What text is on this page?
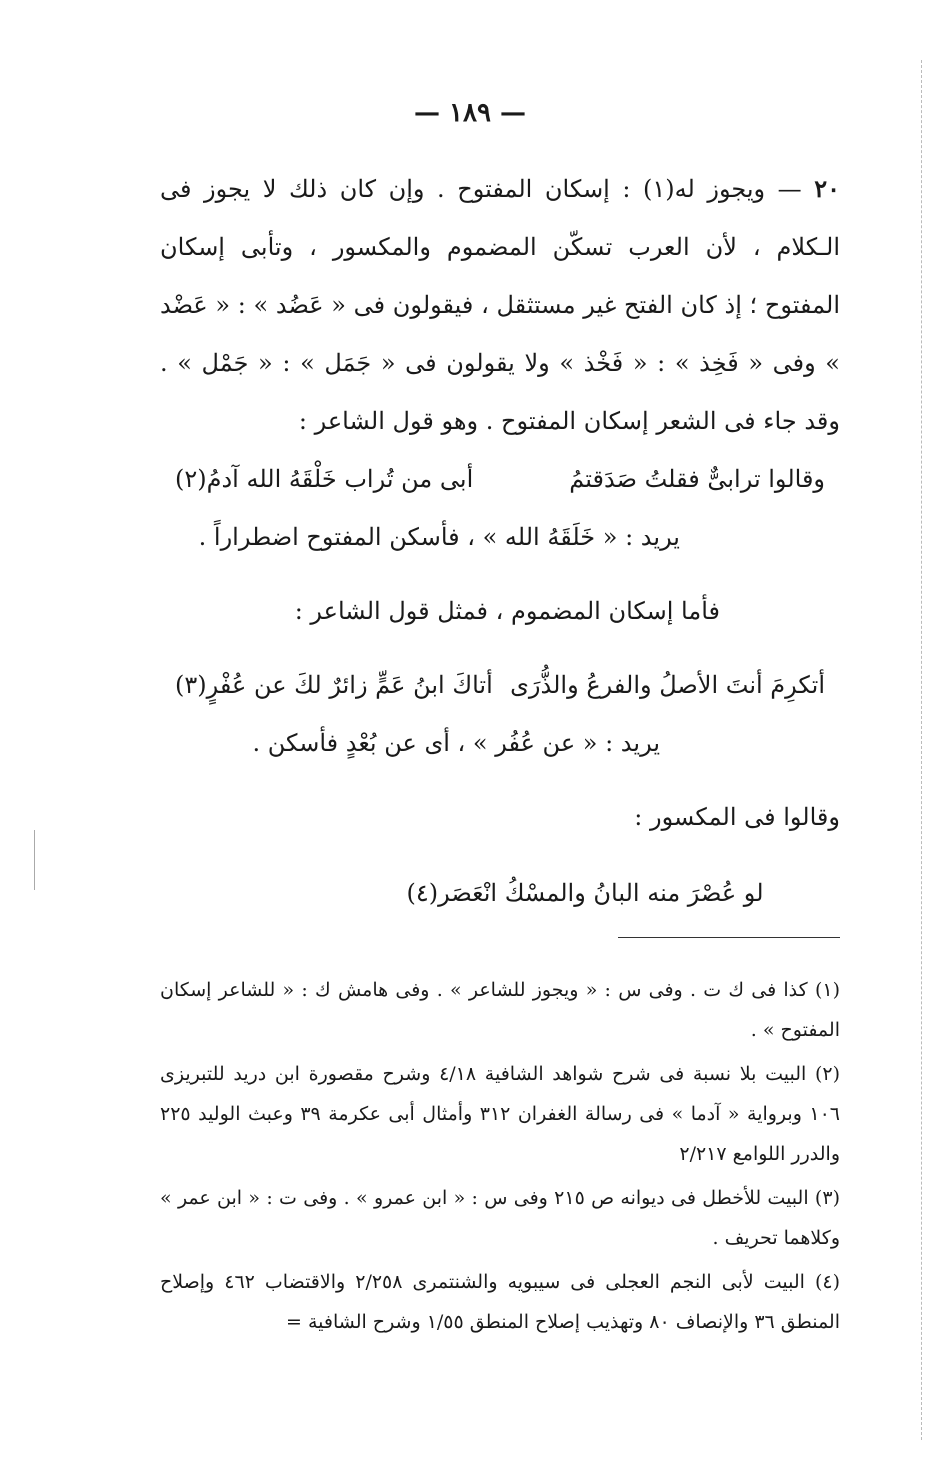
— ١٨٩ —

٢٠ — ويجوز له(١) : إسكان المفتوح . وإن كان ذلك لا يجوز فى الـكلام ، لأن العرب تسكّن المضموم والمكسور ، وتأبى إسكان المفتوح ؛ إذ كان الفتح غير مستثقل ، فيقولون فى « عَضُد » : « عَضْد » وفى « فَخِذ » : « فَخْذ » ولا يقولون فى « جَمَل » : « جَمْل » . وقد جاء فى الشعر إسكان المفتوح . وهو قول الشاعر :

وقالوا ترابىٌّ فقلتُ صَدَقتمُ
أبى من تُراب خَلْقَهُ الله آدمُ(٢)

يريد : « خَلَقَهُ الله » ، فأسكن المفتوح اضطراراً .

فأما إسكان المضموم ، فمثل قول الشاعر :

أتكرِمَ أنتَ الأصلُ والفرعُ والذُّرَى
أتاكَ ابنُ عَمٍّ زائرٌ لكَ عن عُفْرٍ(٣)

يريد : « عن عُفُر » ، أى عن بُعْدٍ فأسكن .

وقالوا فى المكسور :

لو عُصْرَ منه البانُ والمسْكُ انْعَصَر(٤)

(١) كذا فى ك ت . وفى س : « ويجوز للشاعر » . وفى هامش ك : « للشاعر إسكان المفتوح » .

(٢) البيت بلا نسبة فى شرح شواهد الشافية ٤/١٨ وشرح مقصورة ابن دريد للتبريزى ١٠٦ وبرواية « آدما » فى رسالة الغفران ٣١٢ وأمثال أبى عكرمة ٣٩ وعبث الوليد ٢٢٥ والدرر اللوامع ٢/٢١٧

(٣) البيت للأخطل فى ديوانه ص ٢١٥ وفى س : « ابن عمرو » . وفى ت : « ابن عمر » وكلاهما تحريف .

(٤) البيت لأبى النجم العجلى فى سيبويه والشنتمرى ٢/٢٥٨ والاقتضاب ٤٦٢ وإصلاح المنطق ٣٦ والإنصاف ٨٠ وتهذيب إصلاح المنطق ١/٥٥ وشرح الشافية =
